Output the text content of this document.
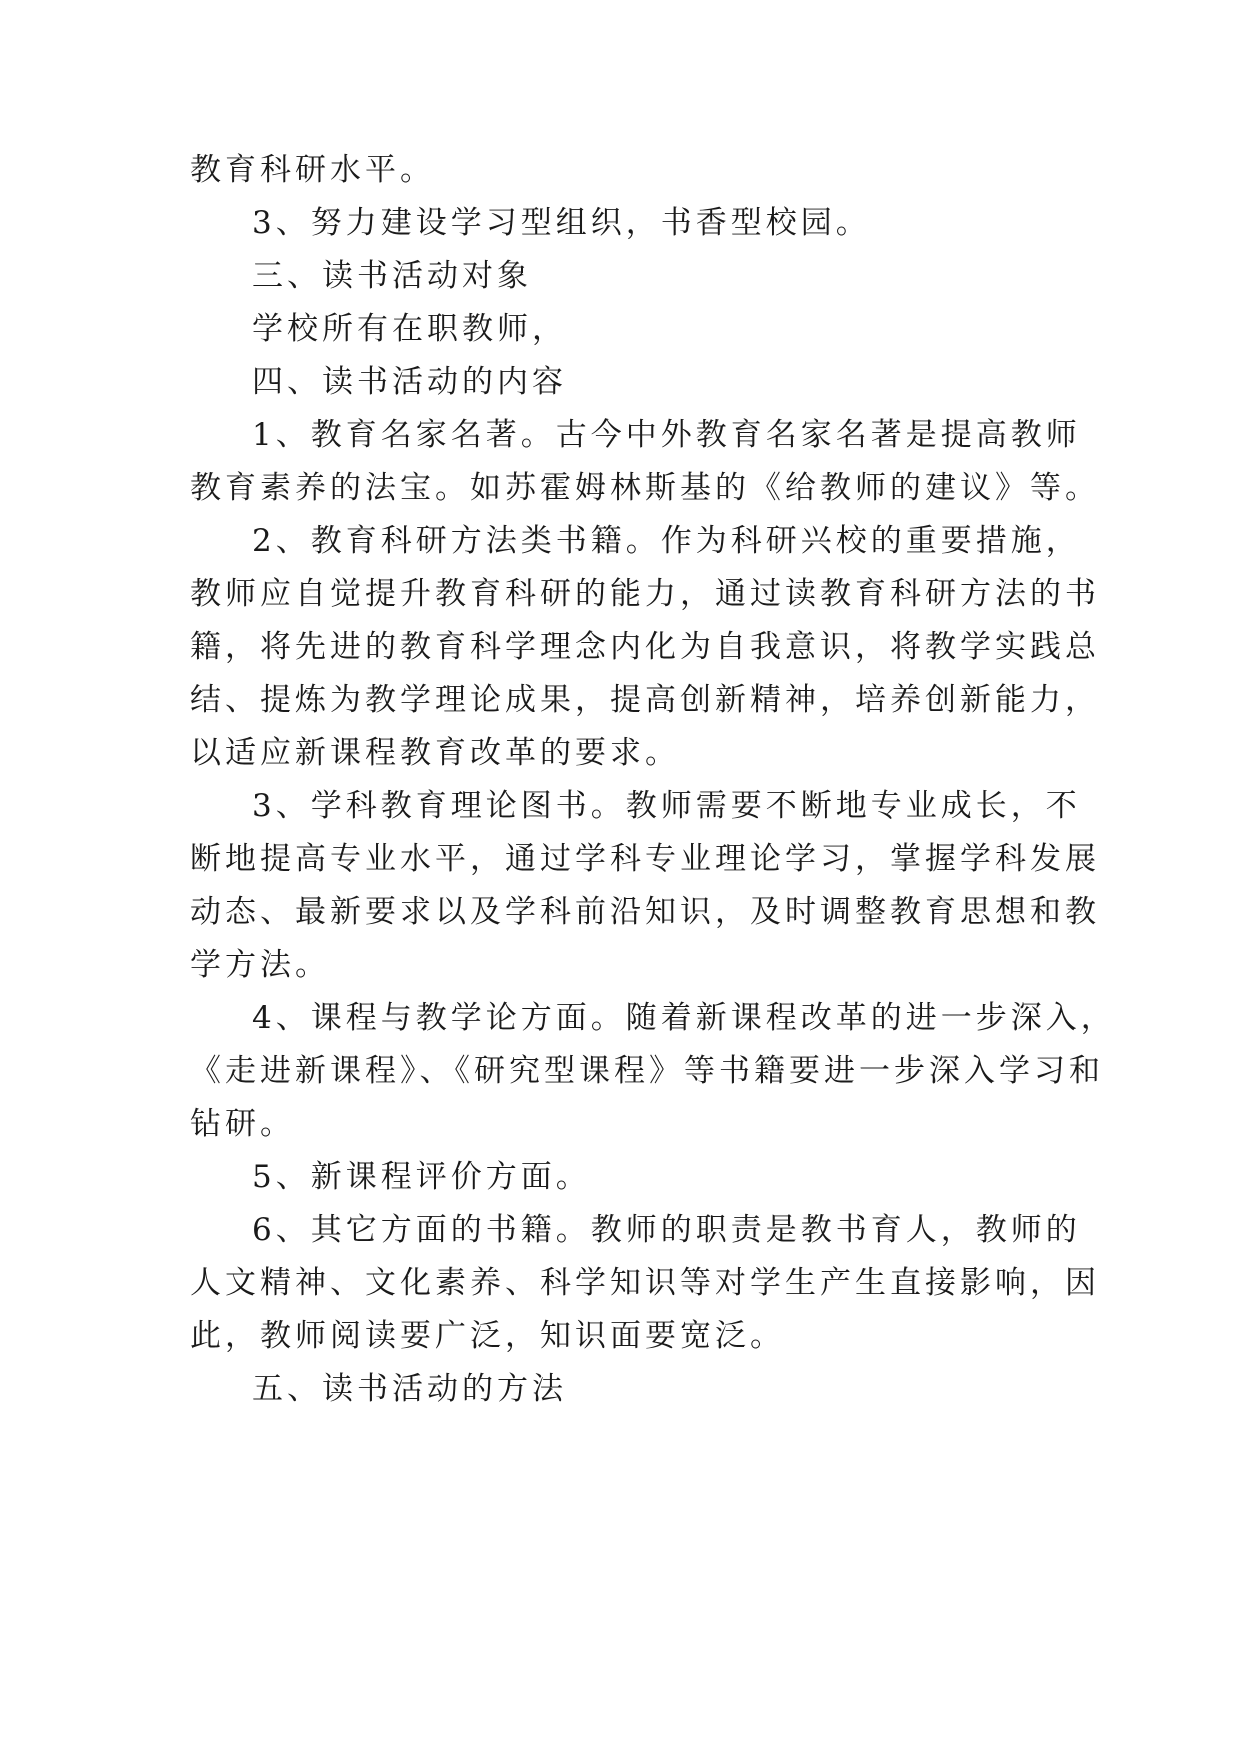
教育科研水平。

3、努力建设学习型组织，书香型校园。

三、读书活动对象

学校所有在职教师，

四、读书活动的内容

1、教育名家名著。古今中外教育名家名著是提高教师

教育素养的法宝。如苏霍姆林斯基的《给教师的建议》等。

2、教育科研方法类书籍。作为科研兴校的重要措施，

教师应自觉提升教育科研的能力，通过读教育科研方法的书

籍，将先进的教育科学理念内化为自我意识，将教学实践总

结、提炼为教学理论成果，提高创新精神，培养创新能力，

以适应新课程教育改革的要求。

3、学科教育理论图书。教师需要不断地专业成长，不

断地提高专业水平，通过学科专业理论学习，掌握学科发展

动态、最新要求以及学科前沿知识，及时调整教育思想和教

学方法。

4、课程与教学论方面。随着新课程改革的进一步深入，

《走进新课程》、《研究型课程》等书籍要进一步深入学习和

钻研。

5、新课程评价方面。

6、其它方面的书籍。教师的职责是教书育人，教师的

人文精神、文化素养、科学知识等对学生产生直接影响，因

此，教师阅读要广泛，知识面要宽泛。

五、读书活动的方法
